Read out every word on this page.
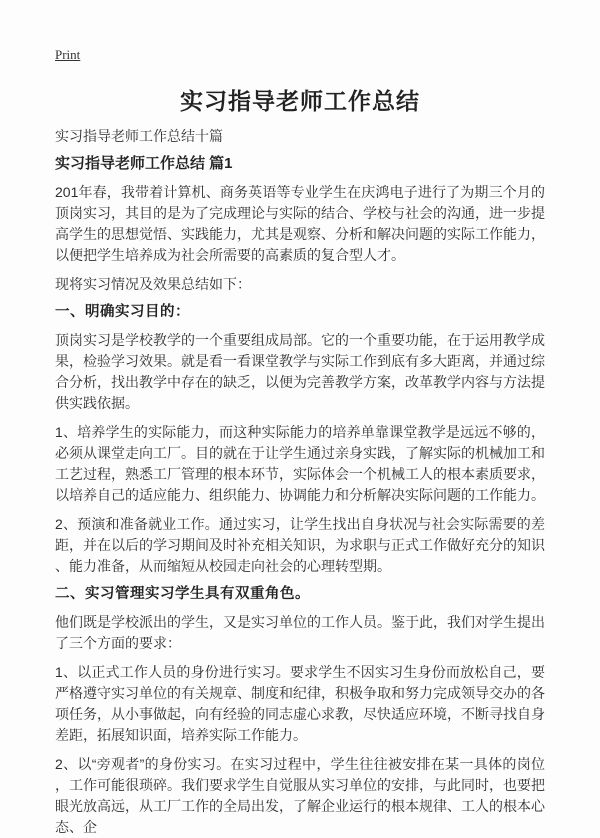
Print
实习指导老师工作总结

实习指导老师工作总结十篇

实习指导老师工作总结 篇1

201年春，我带着计算机、商务英语等专业学生在庆鸿电子进行了为期三个月的顶岗实习，其目的是为了完成理论与实际的结合、学校与社会的沟通，进一步提高学生的思想觉悟、实践能力，尤其是观察、分析和解决问题的实际工作能力，以便把学生培养成为社会所需要的高素质的复合型人才。

现将实习情况及效果总结如下：

一、明确实习目的：

顶岗实习是学校教学的一个重要组成局部。它的一个重要功能，在于运用教学成果，检验学习效果。就是看一看课堂教学与实际工作到底有多大距离，并通过综合分析，找出教学中存在的缺乏，以便为完善教学方案，改革教学内容与方法提供实践依据。

1、培养学生的实际能力，而这种实际能力的培养单靠课堂教学是远远不够的，必须从课堂走向工厂。目的就在于让学生通过亲身实践，了解实际的机械加工和工艺过程，熟悉工厂管理的根本环节，实际体会一个机械工人的根本素质要求，以培养自己的适应能力、组织能力、协调能力和分析解决实际问题的工作能力。

2、预演和准备就业工作。通过实习，让学生找出自身状况与社会实际需要的差距，并在以后的学习期间及时补充相关知识，为求职与正式工作做好充分的知识、能力准备，从而缩短从校园走向社会的心理转型期。

二、实习管理实习学生具有双重角色。

他们既是学校派出的学生，又是实习单位的工作人员。鉴于此，我们对学生提出了三个方面的要求：

1、以正式工作人员的身份进行实习。要求学生不因实习生身份而放松自己，要严格遵守实习单位的有关规章、制度和纪律，积极争取和努力完成领导交办的各项任务，从小事做起，向有经验的同志虚心求教，尽快适应环境，不断寻找自身差距，拓展知识面，培养实际工作能力。

2、以“旁观者”的身份实习。在实习过程中，学生往往被安排在某一具体的岗位，工作可能很琐碎。我们要求学生自觉服从实习单位的安排，与此同时，也要把眼光放高远，从工厂工作的全局出发，了解企业运行的根本规律、工人的根本心态、企
